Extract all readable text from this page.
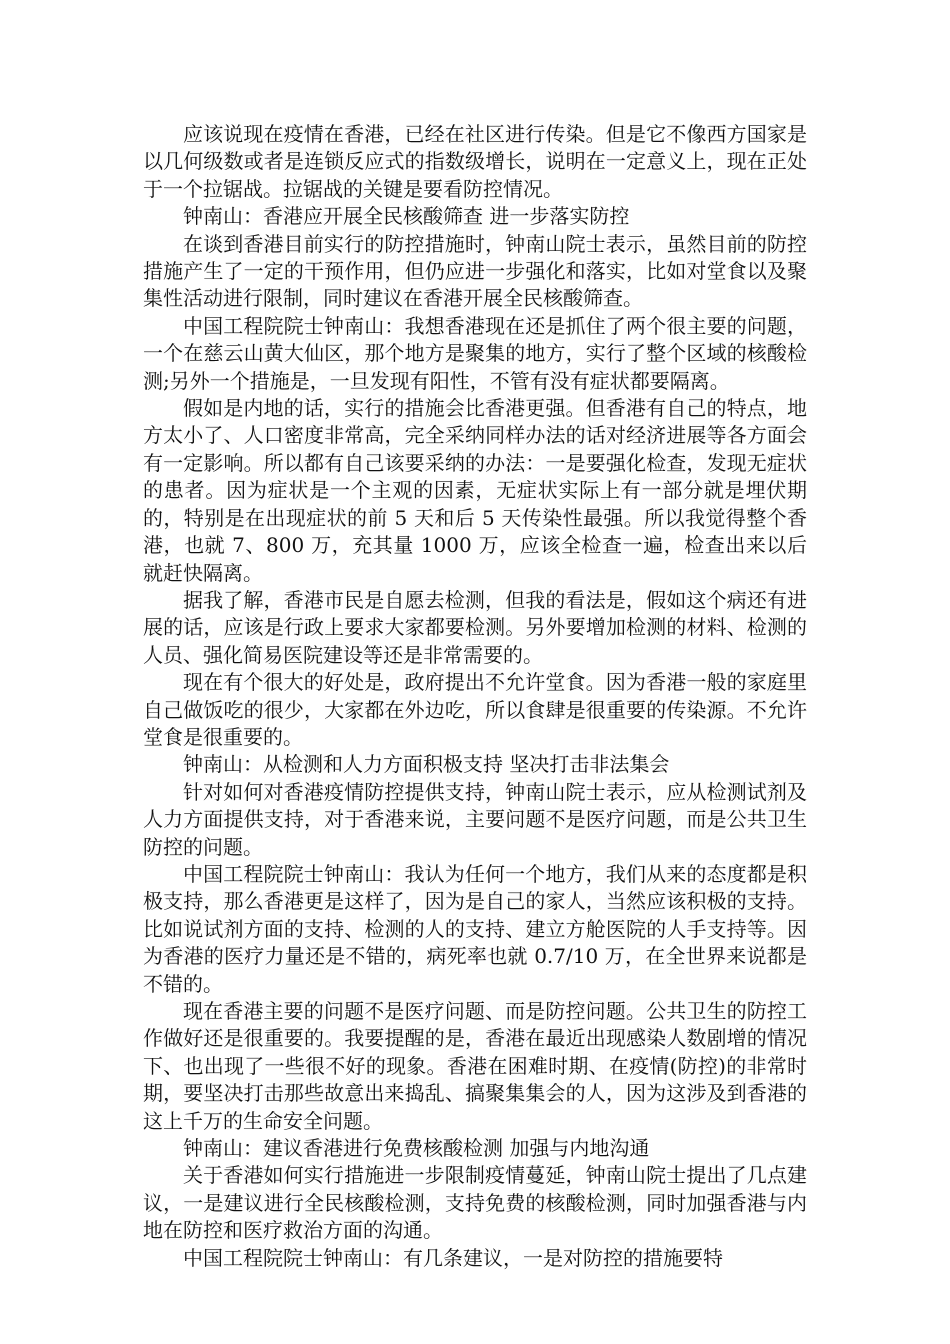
应该说现在疫情在香港，已经在社区进行传染。但是它不像西方国家是以几何级数或者是连锁反应式的指数级增长，说明在一定意义上，现在正处于一个拉锯战。拉锯战的关键是要看防控情况。

钟南山：香港应开展全民核酸筛查 进一步落实防控

在谈到香港目前实行的防控措施时，钟南山院士表示，虽然目前的防控措施产生了一定的干预作用，但仍应进一步强化和落实，比如对堂食以及聚集性活动进行限制，同时建议在香港开展全民核酸筛查。

中国工程院院士钟南山：我想香港现在还是抓住了两个很主要的问题，一个在慈云山黄大仙区，那个地方是聚集的地方，实行了整个区域的核酸检测;另外一个措施是，一旦发现有阳性，不管有没有症状都要隔离。

假如是内地的话，实行的措施会比香港更强。但香港有自己的特点，地方太小了、人口密度非常高，完全采纳同样办法的话对经济进展等各方面会有一定影响。所以都有自己该要采纳的办法：一是要强化检查，发现无症状的患者。因为症状是一个主观的因素，无症状实际上有一部分就是埋伏期的，特别是在出现症状的前 5 天和后 5 天传染性最强。所以我觉得整个香港，也就 7、800 万，充其量 1000 万，应该全检查一遍，检查出来以后就赶快隔离。

据我了解，香港市民是自愿去检测，但我的看法是，假如这个病还有进展的话，应该是行政上要求大家都要检测。另外要增加检测的材料、检测的人员、强化简易医院建设等还是非常需要的。

现在有个很大的好处是，政府提出不允许堂食。因为香港一般的家庭里自己做饭吃的很少，大家都在外边吃，所以食肆是很重要的传染源。不允许堂食是很重要的。

钟南山：从检测和人力方面积极支持 坚决打击非法集会

针对如何对香港疫情防控提供支持，钟南山院士表示，应从检测试剂及人力方面提供支持，对于香港来说，主要问题不是医疗问题，而是公共卫生防控的问题。

中国工程院院士钟南山：我认为任何一个地方，我们从来的态度都是积极支持，那么香港更是这样了，因为是自己的家人，当然应该积极的支持。比如说试剂方面的支持、检测的人的支持、建立方舱医院的人手支持等。因为香港的医疗力量还是不错的，病死率也就 0.7/10 万，在全世界来说都是不错的。

现在香港主要的问题不是医疗问题、而是防控问题。公共卫生的防控工作做好还是很重要的。我要提醒的是，香港在最近出现感染人数剧增的情况下、也出现了一些很不好的现象。香港在困难时期、在疫情(防控)的非常时期，要坚决打击那些故意出来捣乱、搞聚集集会的人，因为这涉及到香港的这上千万的生命安全问题。

钟南山：建议香港进行免费核酸检测 加强与内地沟通

关于香港如何实行措施进一步限制疫情蔓延，钟南山院士提出了几点建议，一是建议进行全民核酸检测，支持免费的核酸检测，同时加强香港与内地在防控和医疗救治方面的沟通。

中国工程院院士钟南山：有几条建议，一是对防控的措施要特
